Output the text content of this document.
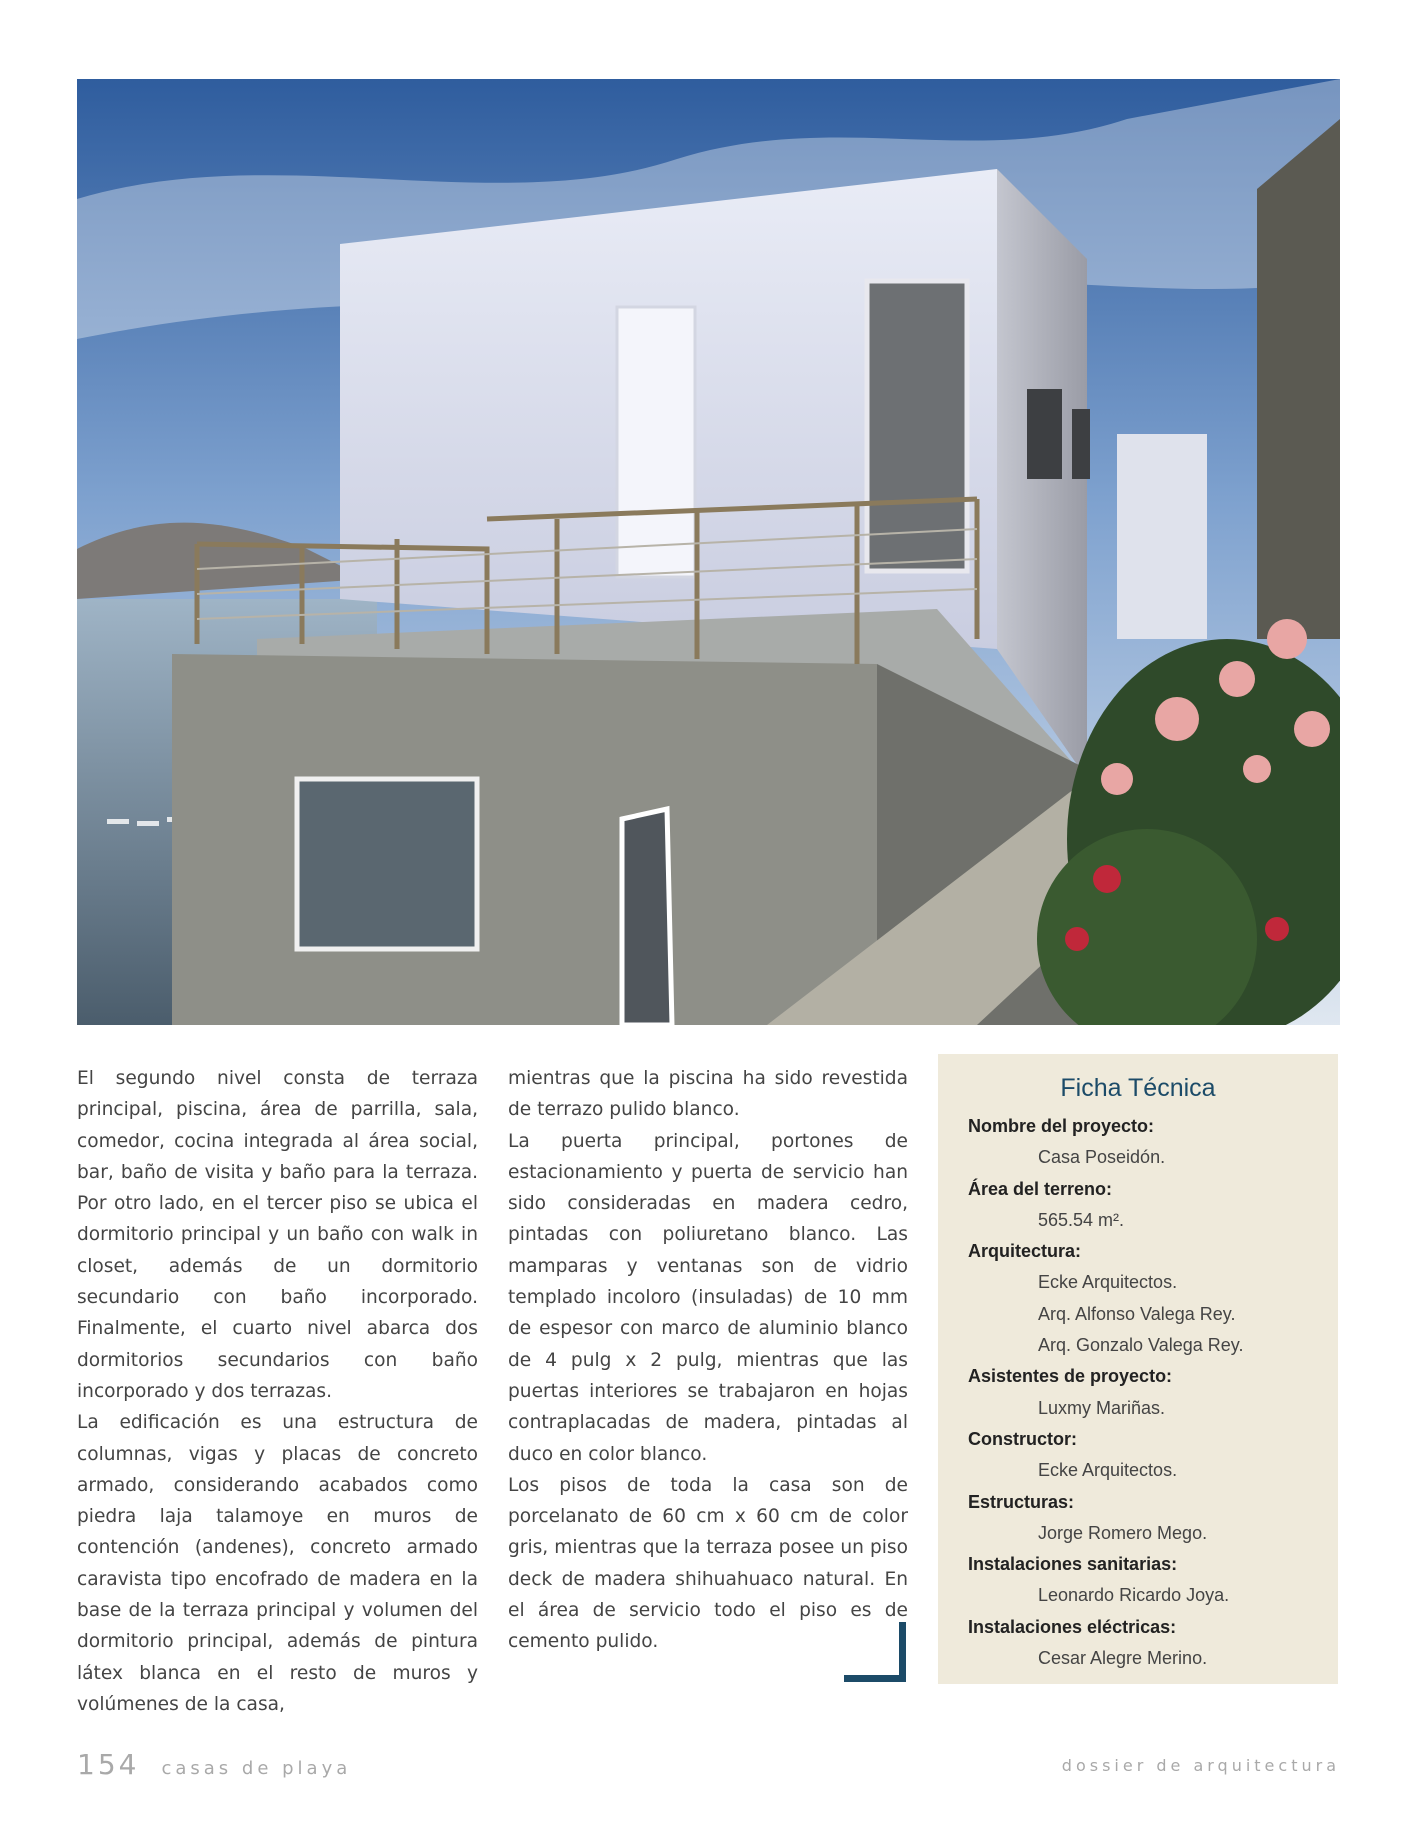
El segundo nivel consta de terraza principal, piscina, área de parrilla, sala, comedor, cocina integrada al área social, bar, baño de visita y baño para la terraza. Por otro lado, en el tercer piso se ubica el dormitorio principal y un baño con walk in closet, además de un dormitorio secundario con baño incorporado. Finalmente, el cuarto nivel abarca dos dormitorios secundarios con baño incorporado y dos terrazas.

La edificación es una estructura de columnas, vigas y placas de concreto armado, considerando acabados como piedra laja talamoye en muros de contención (andenes), concreto armado caravista tipo encofrado de madera en la base de la terraza principal y volumen del dormitorio principal, además de pintura látex blanca en el resto de muros y volúmenes de la casa,

mientras que la piscina ha sido revestida de terrazo pulido blanco.

La puerta principal, portones de estacionamiento y puerta de servicio han sido consideradas en madera cedro, pintadas con poliuretano blanco. Las mamparas y ventanas son de vidrio templado incoloro (insuladas) de 10 mm de espesor con marco de aluminio blanco de 4 pulg x 2 pulg, mientras que las puertas interiores se trabajaron en hojas contraplacadas de madera, pintadas al duco en color blanco.

Los pisos de toda la casa son de porcelanato de 60 cm x 60 cm de color gris, mientras que la terraza posee un piso deck de madera shihuahuaco natural. En el área de servicio todo el piso es de cemento pulido.

Ficha Técnica
Nombre del proyecto:
Casa Poseidón.
Área del terreno:
565.54 m².
Arquitectura:
Ecke Arquitectos.
Arq. Alfonso Valega Rey.
Arq. Gonzalo Valega Rey.
Asistentes de proyecto:
Luxmy Mariñas.
Constructor:
Ecke Arquitectos.
Estructuras:
Jorge Romero Mego.
Instalaciones sanitarias:
Leonardo Ricardo Joya.
Instalaciones eléctricas:
Cesar Alegre Merino.
154 casas de playa	dossier de arquitectura
